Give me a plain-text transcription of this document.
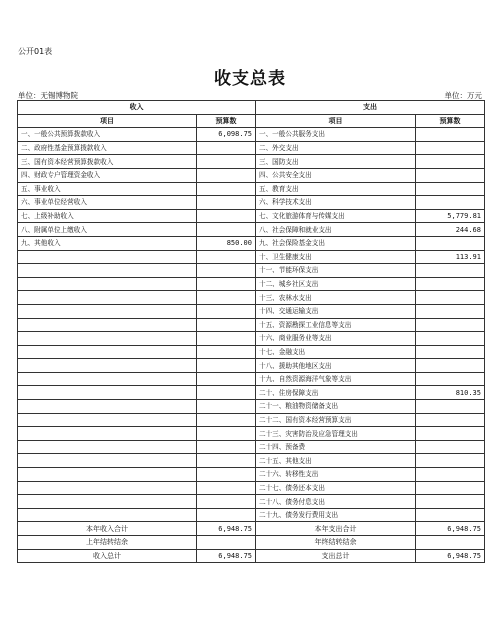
公开01表
收支总表
单位：无锡博物院	单位：万元
收入		支出	
项目	预算数	项目	预算数
一、一般公共预算拨款收入	6,098.75	一、一般公共服务支出	
二、政府性基金预算拨款收入		二、外交支出	
三、国有资本经营预算拨款收入		三、国防支出	
四、财政专户管理资金收入		四、公共安全支出	
五、事业收入		五、教育支出	
六、事业单位经营收入		六、科学技术支出	
七、上级补助收入		七、文化旅游体育与传媒支出	5,779.81
八、附属单位上缴收入		八、社会保障和就业支出	244.68
九、其他收入	850.00	九、社会保险基金支出	
		十、卫生健康支出	113.91
		十一、节能环保支出	
		十二、城乡社区支出	
		十三、农林水支出	
		十四、交通运输支出	
		十五、资源勘探工业信息等支出	
		十六、商业服务业等支出	
		十七、金融支出	
		十八、援助其他地区支出	
		十九、自然资源海洋气象等支出	
		二十、住房保障支出	810.35
		二十一、粮油物资储备支出	
		二十二、国有资本经营预算支出	
		二十三、灾害防治及应急管理支出	
		二十四、预备费	
		二十五、其他支出	
		二十六、转移性支出	
		二十七、债务还本支出	
		二十八、债务付息支出	
		二十九、债务发行费用支出	
本年收入合计	6,948.75	本年支出合计	6,948.75
上年结转结余		年终结转结余	
收入总计	6,948.75	支出总计	6,948.75
